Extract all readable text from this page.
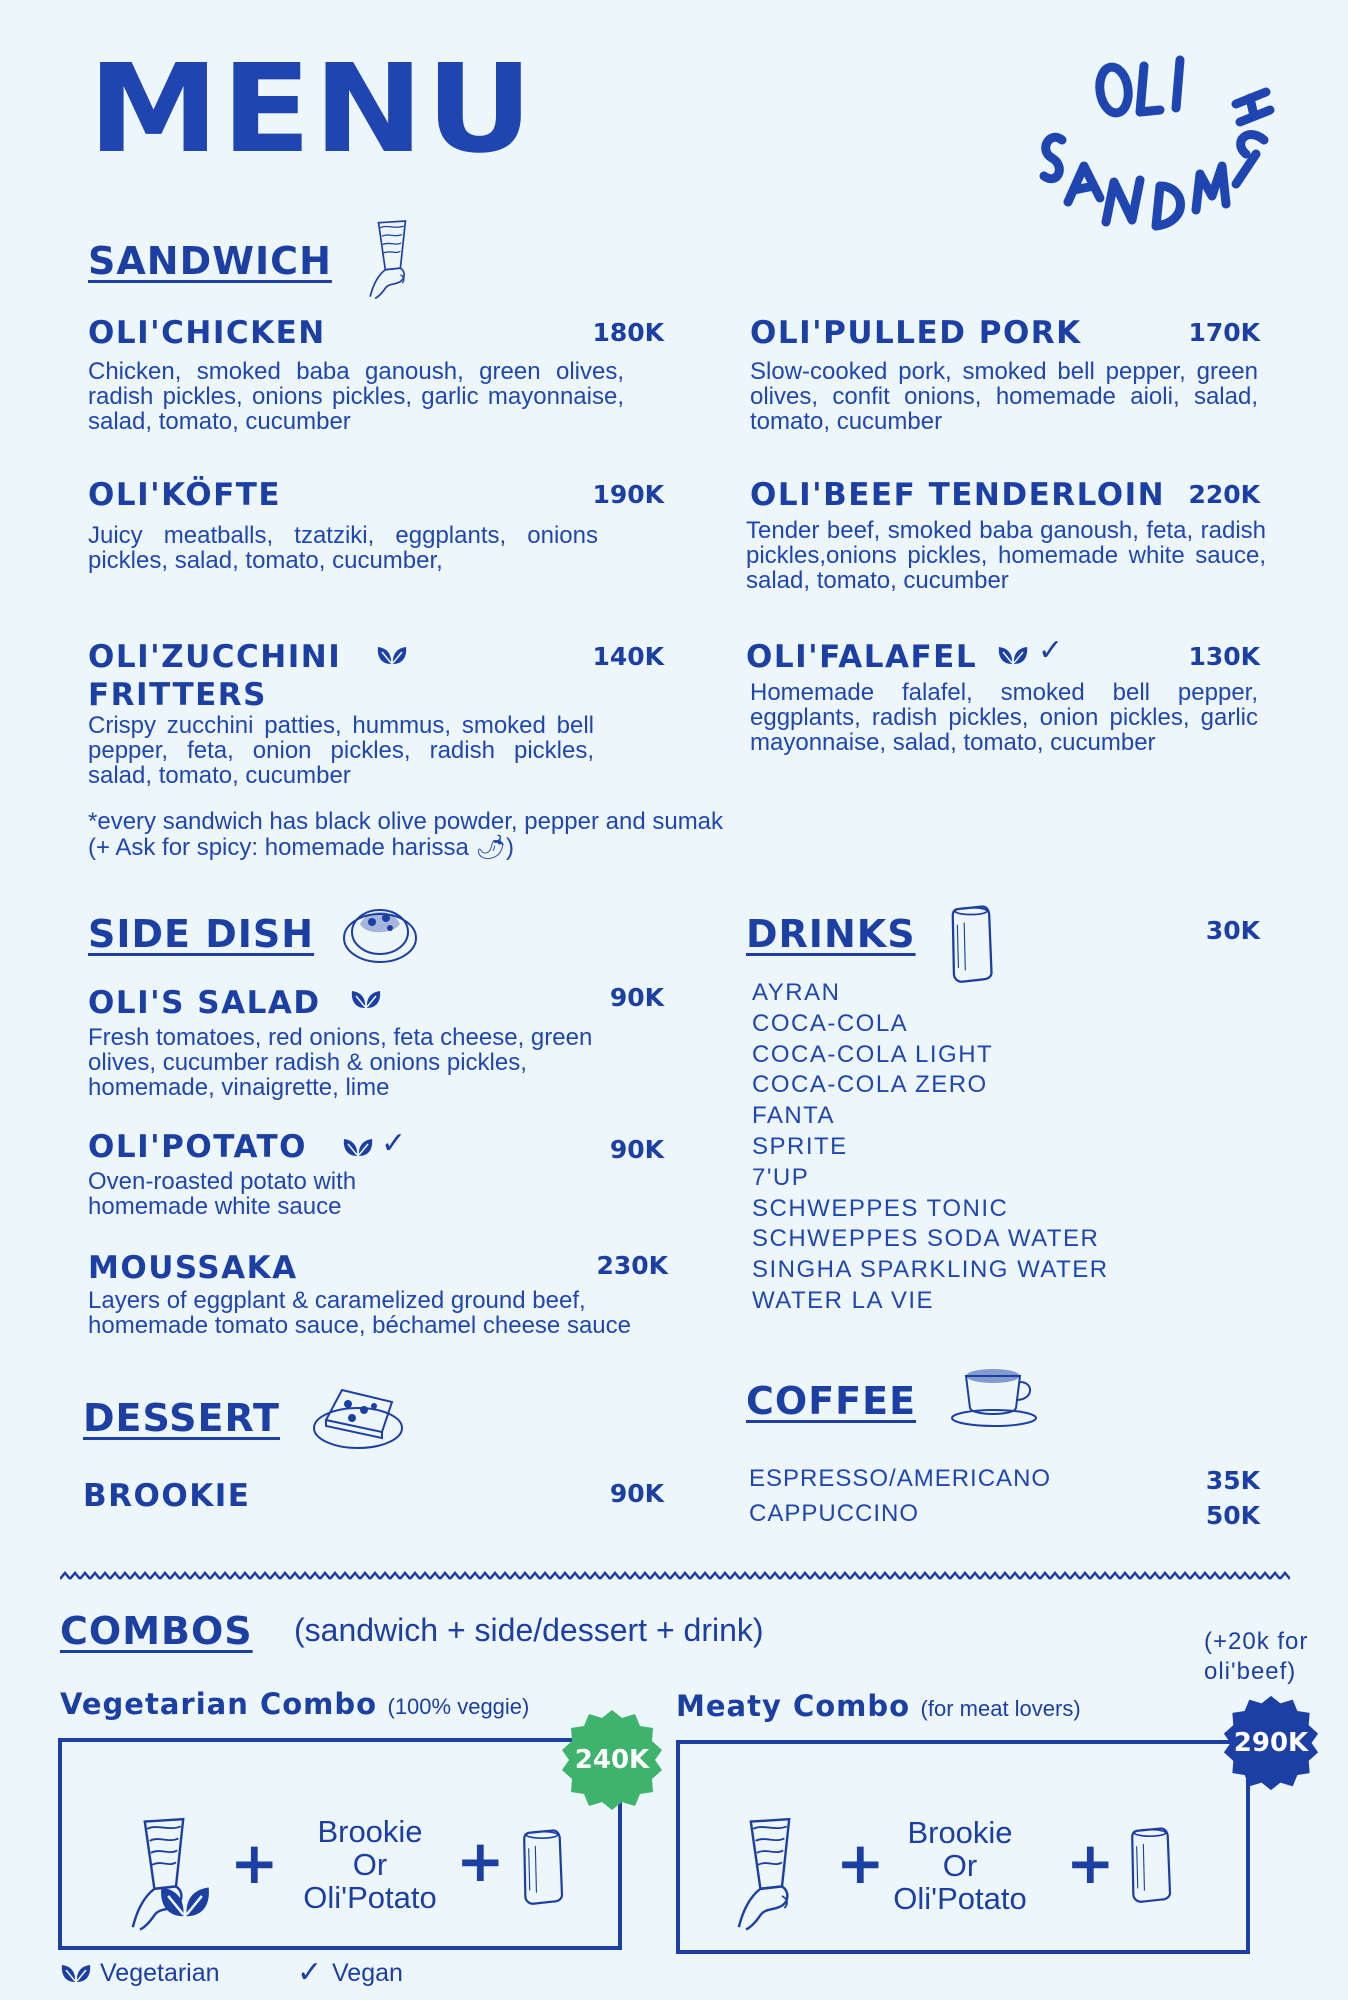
MENU
SANDWICH
OLI'CHICKEN	180K
Chicken, smoked baba ganoush, green olives, radish pickles, onions pickles, garlic mayonnaise, salad, tomato, cucumber
OLI'PULLED PORK	170K
Slow-cooked pork, smoked bell pepper, green olives, confit onions, homemade aioli, salad, tomato, cucumber
OLI'KÖFTE	190K
Juicy meatballs, tzatziki, eggplants, onions pickles, salad, tomato, cucumber,
OLI'BEEF TENDERLOIN 220K
Tender beef, smoked baba ganoush, feta, radish pickles,onions pickles, homemade white sauce, salad, tomato, cucumber
OLI'ZUCCHINI FRITTERS
140K
Crispy zucchini patties, hummus, smoked bell pepper, feta, onion pickles, radish pickles, salad, tomato, cucumber
OLI'FALAFEL ✓	130K
Homemade falafel, smoked bell pepper, eggplants, radish pickles, onion pickles, garlic mayonnaise, salad, tomato, cucumber
*every sandwich has black olive powder, pepper and sumak
(+ Ask for spicy: homemade harissa 🌶)
SIDE DISH
OLI'S SALAD	90K
Fresh tomatoes, red onions, feta cheese, green olives, cucumber radish & onions pickles, homemade, vinaigrette, lime
OLI'POTATO ✓	90K
Oven-roasted potato with homemade white sauce
MOUSSAKA	230K
Layers of eggplant & caramelized ground beef, homemade tomato sauce, béchamel cheese sauce
DESSERT
BROOKIE	90K
DRINKS	30K
AYRAN
COCA-COLA
COCA-COLA LIGHT
COCA-COLA ZERO
FANTA
SPRITE
7'UP
SCHWEPPES TONIC
SCHWEPPES SODA WATER
SINGHA SPARKLING WATER
WATER LA VIE
COFFEE
ESPRESSO/AMERICANO	35K
CAPPUCCINO	50K
COMBOS (sandwich + side/dessert + drink)	(+20k for oli'beef)
Vegetarian Combo (100% veggie)
+	Brookie
Or
Oli'Potato
+
240K
Meaty Combo (for meat lovers)
+ Brookie
Or
Oli'Potato
+
290K
Vegetarian	✓ Vegan
